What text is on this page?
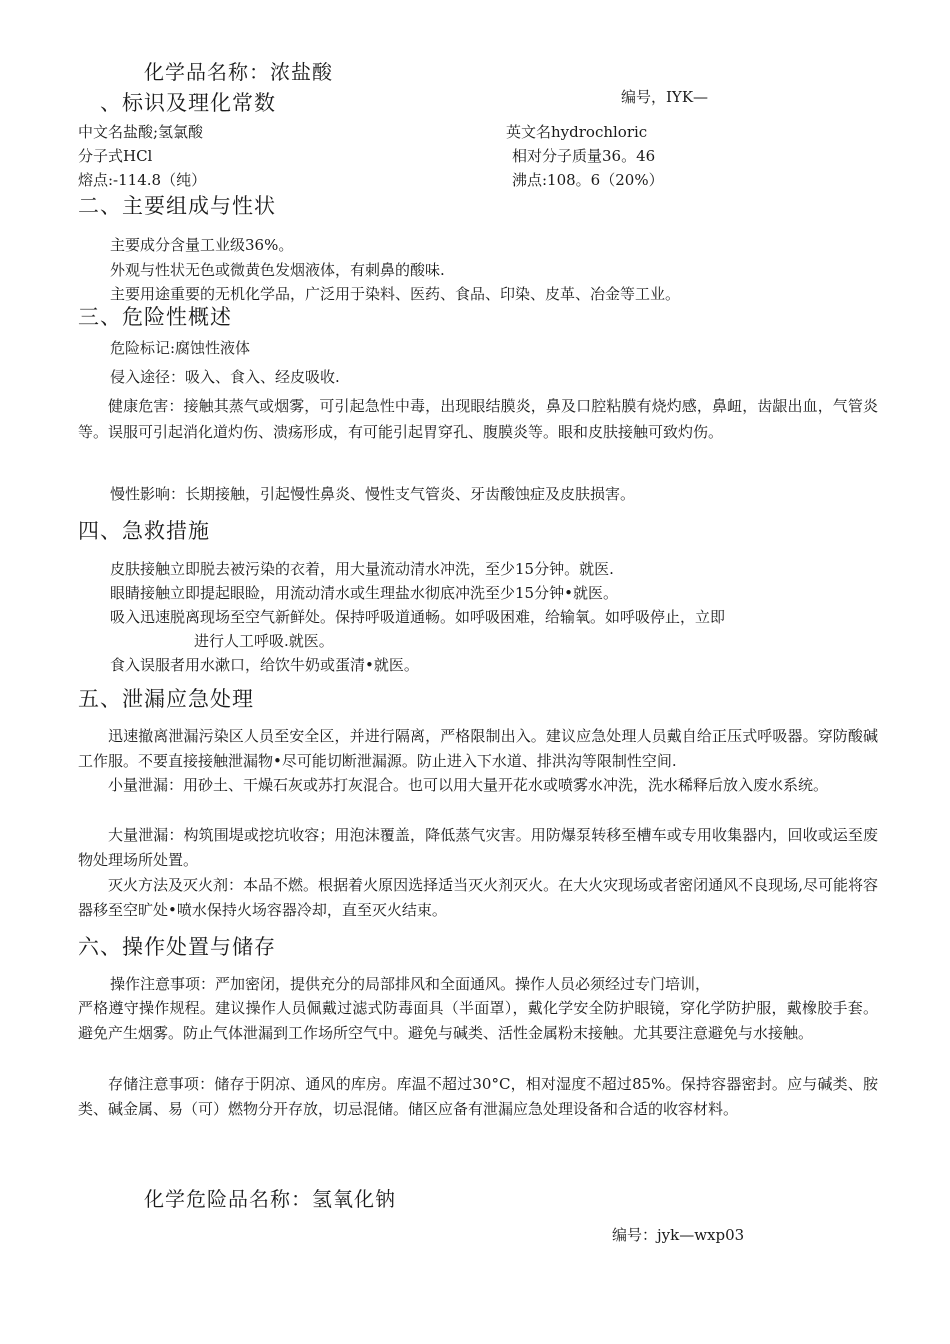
化学品名称：浓盐酸
编号，IYK—
、标识及理化常数
中文名盐酸;氢氯酸	英文名hydrochloric
分子式HCl	相对分子质量36。46
熔点:-114.8（纯）	沸点:108。6（20%）
二、主要组成与性状
主要成分含量工业级36%。
外观与性状无色或微黄色发烟液体，有刺鼻的酸味.
主要用途重要的无机化学品，广泛用于染料、医药、食品、印染、皮革、冶金等工业。
三、危险性概述
危险标记:腐蚀性液体
侵入途径：吸入、食入、经皮吸收.
健康危害：接触其蒸气或烟雾，可引起急性中毒，出现眼结膜炎，鼻及口腔粘膜有烧灼感，鼻衄，齿龈出血，气管炎等。误服可引起消化道灼伤、溃疡形成，有可能引起胃穿孔、腹膜炎等。眼和皮肤接触可致灼伤。
慢性影响：长期接触，引起慢性鼻炎、慢性支气管炎、牙齿酸蚀症及皮肤损害。
四、急救措施
皮肤接触立即脱去被污染的衣着，用大量流动清水冲洗，至少15分钟。就医.
眼睛接触立即提起眼睑，用流动清水或生理盐水彻底冲洗至少15分钟•就医。
吸入迅速脱离现场至空气新鲜处。保持呼吸道通畅。如呼吸困难，给输氧。如呼吸停止，立即
进行人工呼吸.就医。
食入误服者用水漱口，给饮牛奶或蛋清•就医。
五、泄漏应急处理
迅速撤离泄漏污染区人员至安全区，并进行隔离，严格限制出入。建议应急处理人员戴自给正压式呼吸器。穿防酸碱工作服。不要直接接触泄漏物•尽可能切断泄漏源。防止进入下水道、排洪沟等限制性空间.
小量泄漏：用砂土、干燥石灰或苏打灰混合。也可以用大量开花水或喷雾水冲洗，洗水稀释后放入废水系统。
大量泄漏：构筑围堤或挖坑收容；用泡沫覆盖，降低蒸气灾害。用防爆泵转移至槽车或专用收集器内，回收或运至废物处理场所处置。
灭火方法及灭火剂：本品不燃。根据着火原因选择适当灭火剂灭火。在大火灾现场或者密闭通风不良现场,尽可能将容器移至空旷处•喷水保持火场容器冷却，直至灭火结束。
六、操作处置与储存
操作注意事项：严加密闭，提供充分的局部排风和全面通风。操作人员必须经过专门培训，
严格遵守操作规程。建议操作人员佩戴过滤式防毒面具（半面罩），戴化学安全防护眼镜，穿化学防护服，戴橡胶手套。避免产生烟雾。防止气体泄漏到工作场所空气中。避免与碱类、活性金属粉末接触。尤其要注意避免与水接触。
存储注意事项：储存于阴凉、通风的库房。库温不超过30°C，相对湿度不超过85%。保持容器密封。应与碱类、胺类、碱金属、易（可）燃物分开存放，切忌混储。储区应备有泄漏应急处理设备和合适的收容材料。
化学危险品名称：氢氧化钠
编号：jyk—wxp03
